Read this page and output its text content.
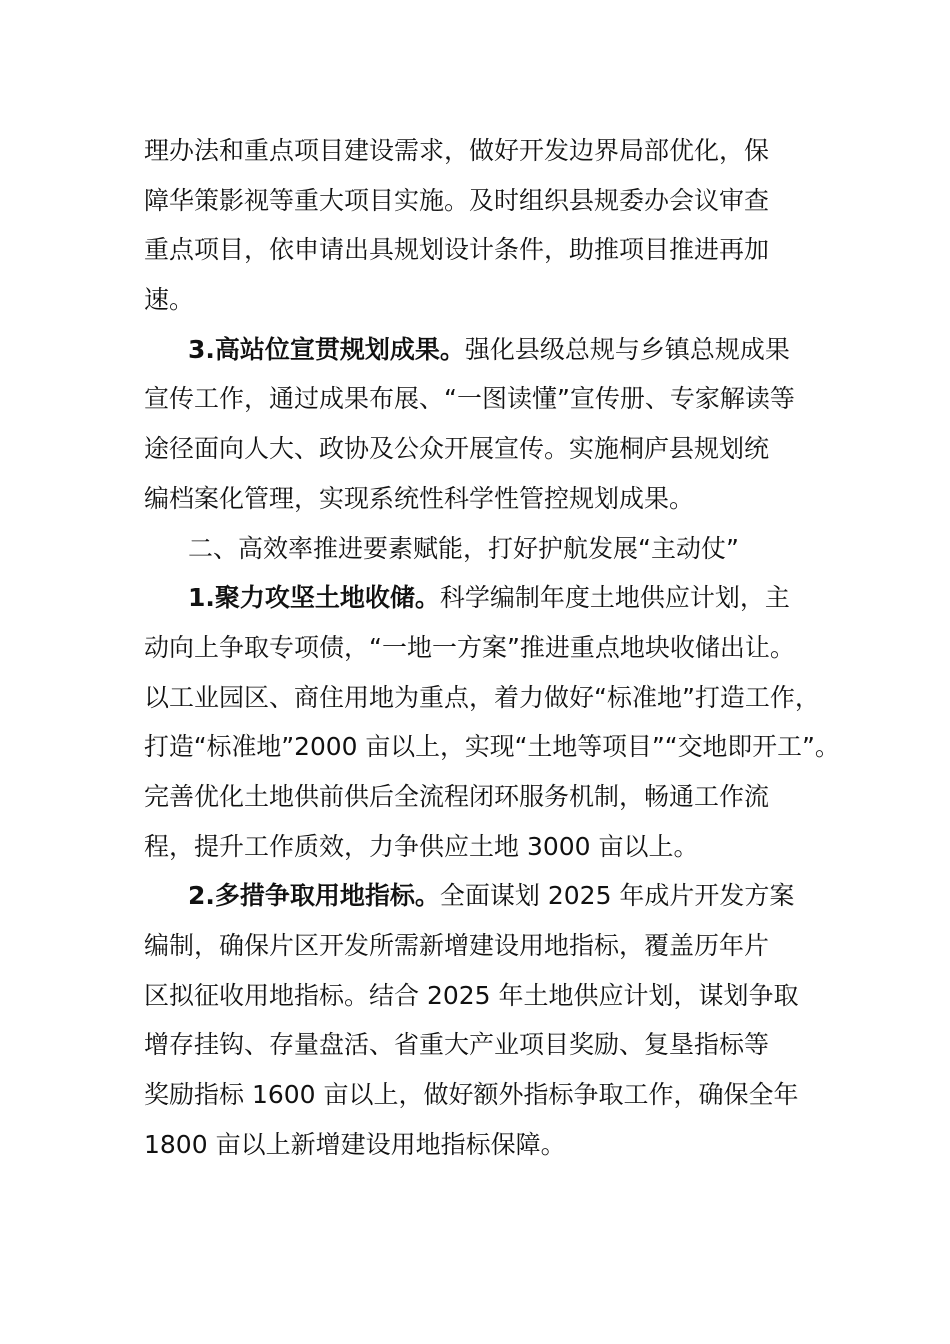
理办法和重点项目建设需求，做好开发边界局部优化，保
障华策影视等重大项目实施。及时组织县规委办会议审查
重点项目，依申请出具规划设计条件，助推项目推进再加
速。
3.高站位宣贯规划成果。强化县级总规与乡镇总规成果
宣传工作，通过成果布展、“一图读懂”宣传册、专家解读等
途径面向人大、政协及公众开展宣传。实施桐庐县规划统
编档案化管理，实现系统性科学性管控规划成果。
二、高效率推进要素赋能，打好护航发展“主动仗”
1.聚力攻坚土地收储。科学编制年度土地供应计划，主
动向上争取专项债，“一地一方案”推进重点地块收储出让。
以工业园区、商住用地为重点，着力做好“标准地”打造工作，
打造“标准地”2000 亩以上，实现“土地等项目”“交地即开工”。
完善优化土地供前供后全流程闭环服务机制，畅通工作流
程，提升工作质效，力争供应土地 3000 亩以上。
2.多措争取用地指标。全面谋划 2025 年成片开发方案
编制，确保片区开发所需新增建设用地指标，覆盖历年片
区拟征收用地指标。结合 2025 年土地供应计划，谋划争取
增存挂钩、存量盘活、省重大产业项目奖励、复垦指标等
奖励指标 1600 亩以上，做好额外指标争取工作，确保全年
1800 亩以上新增建设用地指标保障。
